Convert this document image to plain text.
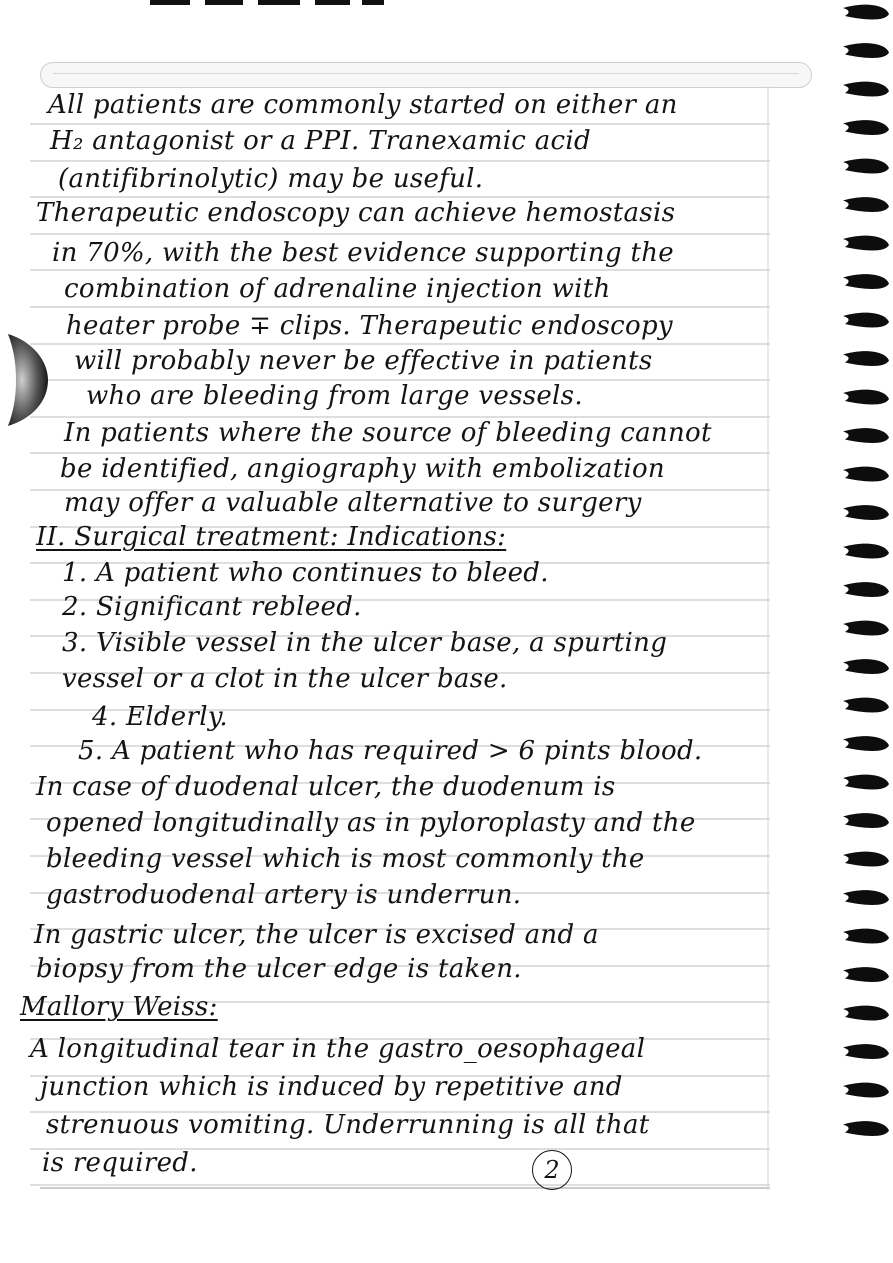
All patients are commonly started on either an
H₂ antagonist or a PPI. Tranexamic acid
(antifibrinolytic) may be useful.
Therapeutic endoscopy can achieve hemostasis
in 70%, with the best evidence supporting the
combination of adrenaline injection with
heater probe ∓ clips. Therapeutic endoscopy
will probably never be effective in patients
who are bleeding from large vessels.
In patients where the source of bleeding cannot
be identified, angiography with embolization
may offer a valuable alternative to surgery
II. Surgical treatment: Indications:
1. A patient who continues to bleed.
2. Significant rebleed.
3. Visible vessel in the ulcer base, a spurting
vessel or a clot in the ulcer base.
4. Elderly.
5. A patient who has required > 6 pints blood.
In case of duodenal ulcer, the duodenum is
opened longitudinally as in pyloroplasty and the
bleeding vessel which is most commonly the
gastroduodenal artery is underrun.
In gastric ulcer, the ulcer is excised and a
biopsy from the ulcer edge is taken.
Mallory Weiss:
A longitudinal tear in the gastro_oesophageal
junction which is induced by repetitive and
strenuous vomiting. Underrunning is all that
is required.	2
